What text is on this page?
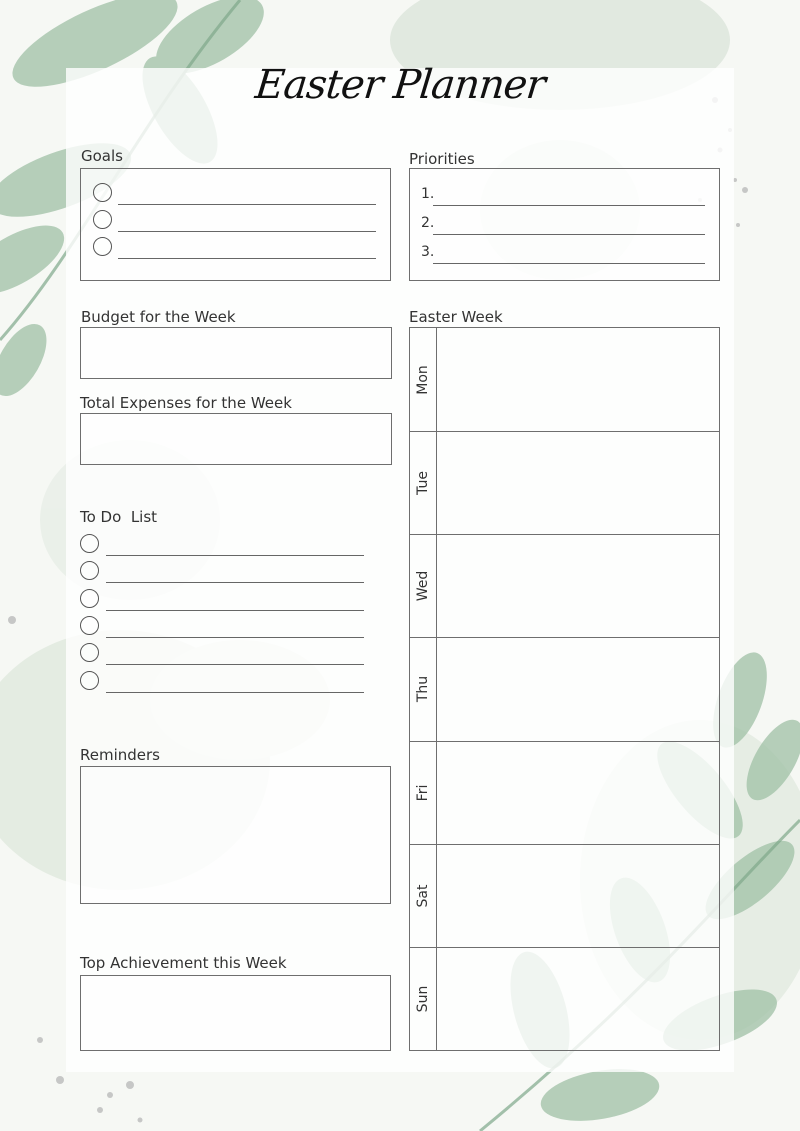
Easter Planner
Goals	Priorities
1.
2.
3.
Budget for the Week
Total Expenses for the Week
To Do  List
Reminders
Top Achievement this Week
Easter Week
Mon
Tue
Wed
Thu
Fri
Sat
Sun
